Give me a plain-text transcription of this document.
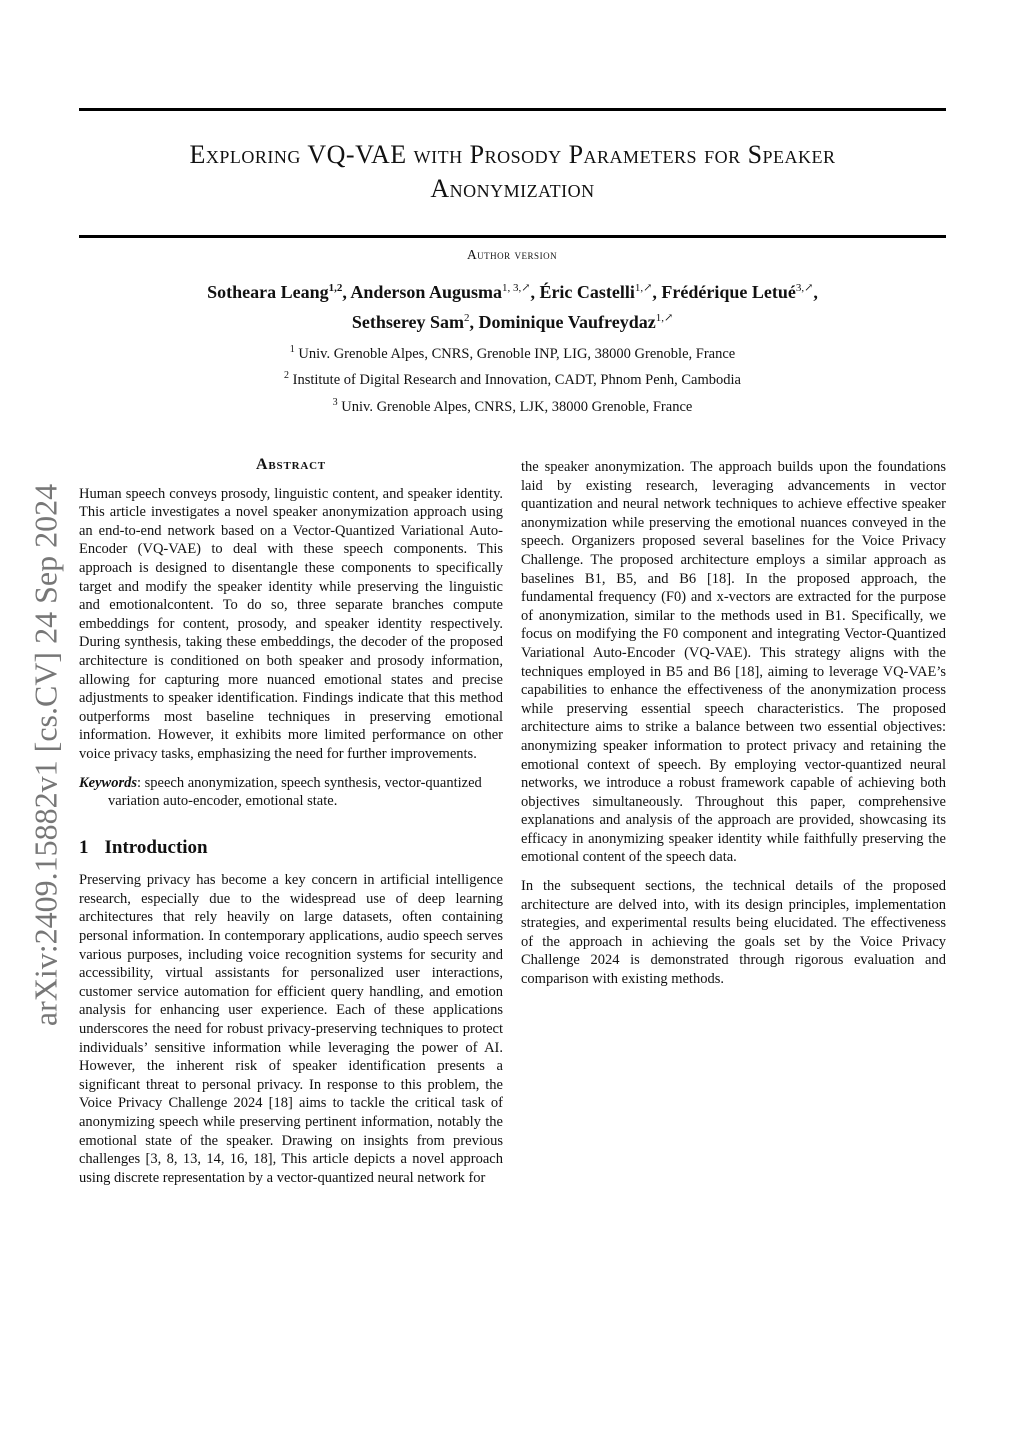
Exploring VQ-VAE with Prosody Parameters for Speaker
Anonymization
Author version
Sotheara Leang$^{1,2}$, Anderson Augusma$^{1, 3,↗}$, Éric Castelli$^{1,↗}$, Frédérique Letué$^{3,↗}$,
Sethserey Sam$^2$, Dominique Vaufreydaz$^{1,↗}$
$^1$ Univ. Grenoble Alpes, CNRS, Grenoble INP, LIG, 38000 Grenoble, France
$^2$ Institute of Digital Research and Innovation, CADT, Phnom Penh, Cambodia
$^3$ Univ. Grenoble Alpes, CNRS, LJK, 38000 Grenoble, France
arXiv:2409.15882v1 [cs.CV] 24 Sep 2024
Abstract

Human speech conveys prosody, linguistic content, and speaker identity. This article investigates a novel speaker anonymization approach using an end-to-end network based on a Vector-Quantized Variational Auto-Encoder (VQ-VAE) to deal with these speech components. This approach is designed to disentangle these components to specifically target and modify the speaker identity while preserving the linguistic and emotionalcontent. To do so, three separate branches compute embeddings for content, prosody, and speaker identity respectively. During synthesis, taking these embeddings, the decoder of the proposed architecture is conditioned on both speaker and prosody information, allowing for capturing more nuanced emotional states and precise adjustments to speaker identification. Findings indicate that this method outperforms most baseline techniques in preserving emotional information. However, it exhibits more limited performance on other voice privacy tasks, emphasizing the need for further improvements.

Keywords: speech anonymization, speech synthesis, vector-quantized variation auto-encoder, emotional state.

1 Introduction

Preserving privacy has become a key concern in artificial intelligence research, especially due to the widespread use of deep learning architectures that rely heavily on large datasets, often containing personal information. In contemporary applications, audio speech serves various purposes, including voice recognition systems for security and accessibility, virtual assistants for personalized user interactions, customer service automation for efficient query handling, and emotion analysis for enhancing user experience. Each of these applications underscores the need for robust privacy-preserving techniques to protect individuals’ sensitive information while leveraging the power of AI. However, the inherent risk of speaker identification presents a significant threat to personal privacy. In response to this problem, the Voice Privacy Challenge 2024 [18] aims to tackle the critical task of anonymizing speech while preserving pertinent information, notably the emotional state of the speaker. Drawing on insights from previous challenges [3, 8, 13, 14, 16, 18], This article depicts a novel approach using discrete representation by a vector-quantized neural network for

the speaker anonymization. The approach builds upon the foundations laid by existing research, leveraging advancements in vector quantization and neural network techniques to achieve effective speaker anonymization while preserving the emotional nuances conveyed in the speech. Organizers proposed several baselines for the Voice Privacy Challenge. The proposed architecture employs a similar approach as baselines B1, B5, and B6 [18]. In the proposed approach, the fundamental frequency (F0) and x-vectors are extracted for the purpose of anonymization, similar to the methods used in B1. Specifically, we focus on modifying the F0 component and integrating Vector-Quantized Variational Auto-Encoder (VQ-VAE). This strategy aligns with the techniques employed in B5 and B6 [18], aiming to leverage VQ-VAE’s capabilities to enhance the effectiveness of the anonymization process while preserving essential speech characteristics. The proposed architecture aims to strike a balance between two essential objectives: anonymizing speaker information to protect privacy and retaining the emotional context of speech. By employing vector-quantized neural networks, we introduce a robust framework capable of achieving both objectives simultaneously. Throughout this paper, comprehensive explanations and analysis of the approach are provided, showcasing its efficacy in anonymizing speaker identity while faithfully preserving the emotional content of the speech data.

In the subsequent sections, the technical details of the proposed architecture are delved into, with its design principles, implementation strategies, and experimental results being elucidated. The effectiveness of the approach in achieving the goals set by the Voice Privacy Challenge 2024 is demonstrated through rigorous evaluation and comparison with existing methods.
